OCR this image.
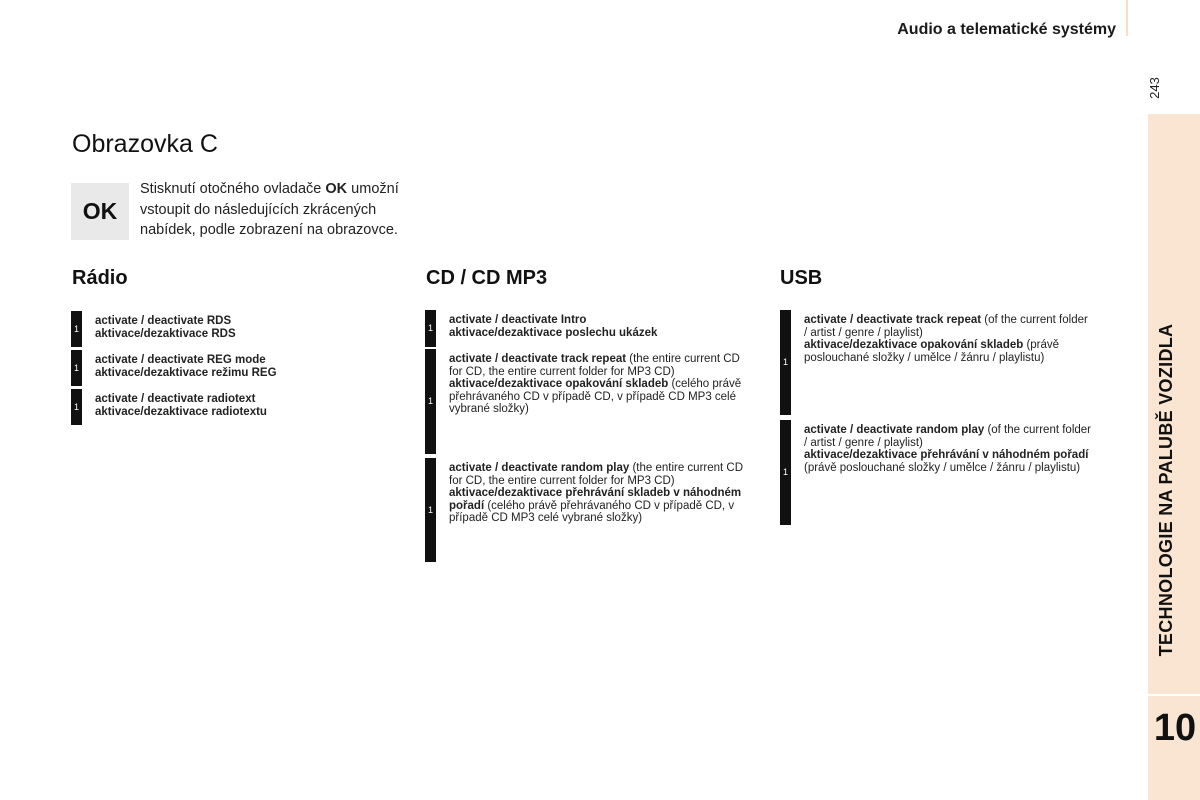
Audio a telematické systémy
243
TECHNOLOGIE NA PALUBĚ VOZIDLA
10
Obrazovka C
OK
Stisknutí otočného ovladače OK umožní vstoupit do následujících zkrácených nabídek, podle zobrazení na obrazovce.
Rádio	CD / CD MP3	USB
1
activate / deactivate RDS
aktivace/dezaktivace RDS
1
activate / deactivate REG mode
aktivace/dezaktivace režimu REG
1
activate / deactivate radiotext
aktivace/dezaktivace radiotextu
1
activate / deactivate Intro
aktivace/dezaktivace poslechu ukázek
1
activate / deactivate track repeat (the entire current CD for CD, the entire current folder for MP3 CD)
aktivace/dezaktivace opakování skladeb (celého právě přehrávaného CD v případě CD, v případě CD MP3 celé vybrané složky)
1
activate / deactivate random play (the entire current CD for CD, the entire current folder for MP3 CD)
aktivace/dezaktivace přehrávání skladeb v náhodném pořadí (celého právě přehrávaného CD v případě CD, v případě CD MP3 celé vybrané složky)
1
activate / deactivate track repeat (of the current folder / artist / genre / playlist)
aktivace/dezaktivace opakování skladeb (právě poslouchané složky / umělce / žánru / playlistu)
1
activate / deactivate random play (of the current folder / artist / genre / playlist)
aktivace/dezaktivace přehrávání v náhodném pořadí (právě poslouchané složky / umělce / žánru / playlistu)
